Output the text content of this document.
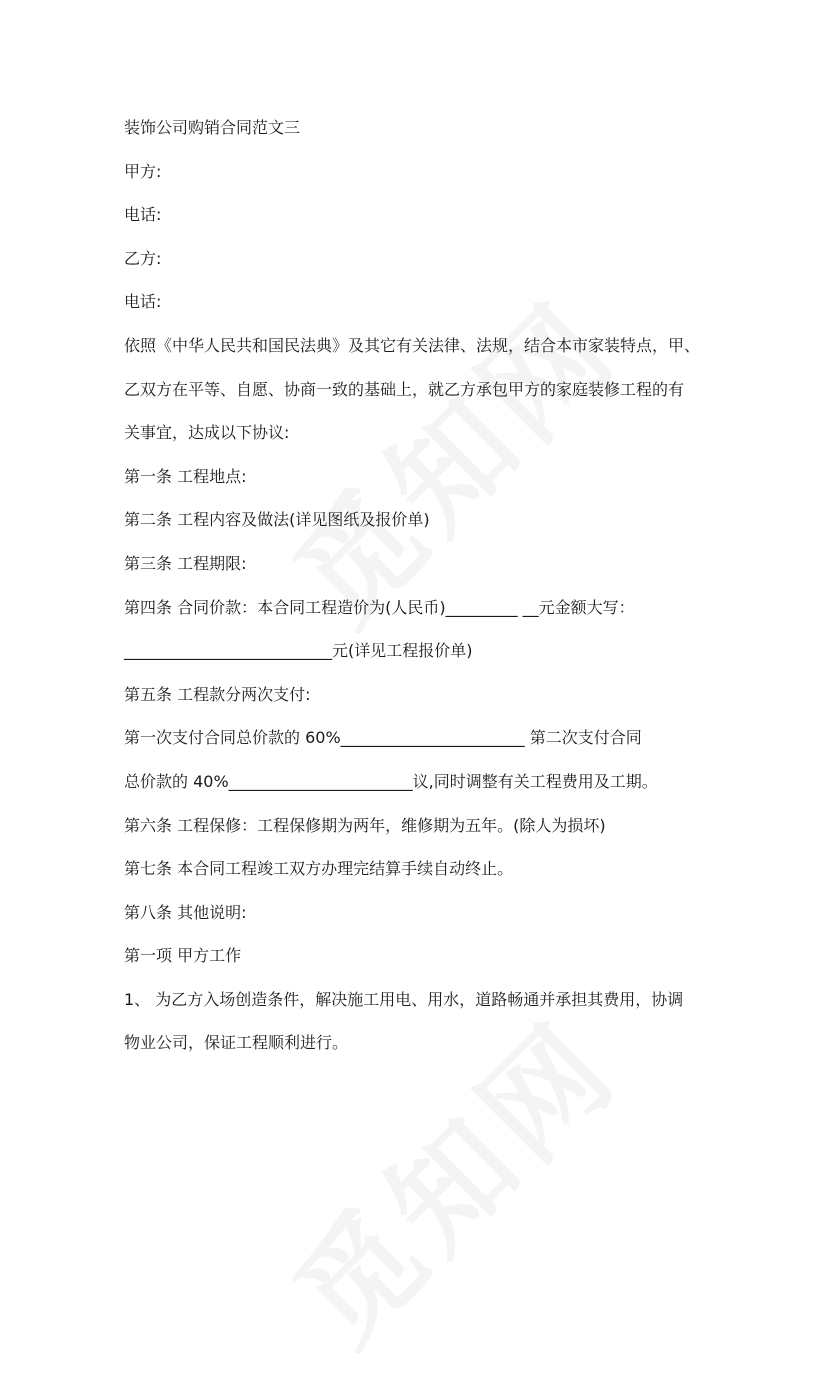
装饰公司购销合同范文三
甲方:
电话:
乙方:
电话:
依照《中华人民共和国民法典》及其它有关法律、法规，结合本市家装特点，甲、
乙双方在平等、自愿、协商一致的基础上，就乙方承包甲方的家庭装修工程的有
关事宜，达成以下协议:
第一条 工程地点:
第二条 工程内容及做法(详见图纸及报价单)
第三条 工程期限:
第四条 合同价款：本合同工程造价为(人民币)_________ __元金额大写：
__________________________元(详见工程报价单)
第五条 工程款分两次支付:
第一次支付合同总价款的 60%_______________________ 第二次支付合同
总价款的 40%_______________________议,同时调整有关工程费用及工期。
第六条 工程保修：工程保修期为两年，维修期为五年。(除人为损坏)
第七条 本合同工程竣工双方办理完结算手续自动终止。
第八条 其他说明:
第一项 甲方工作
1、 为乙方入场创造条件，解决施工用电、用水，道路畅通并承担其费用，协调
物业公司，保证工程顺利进行。
